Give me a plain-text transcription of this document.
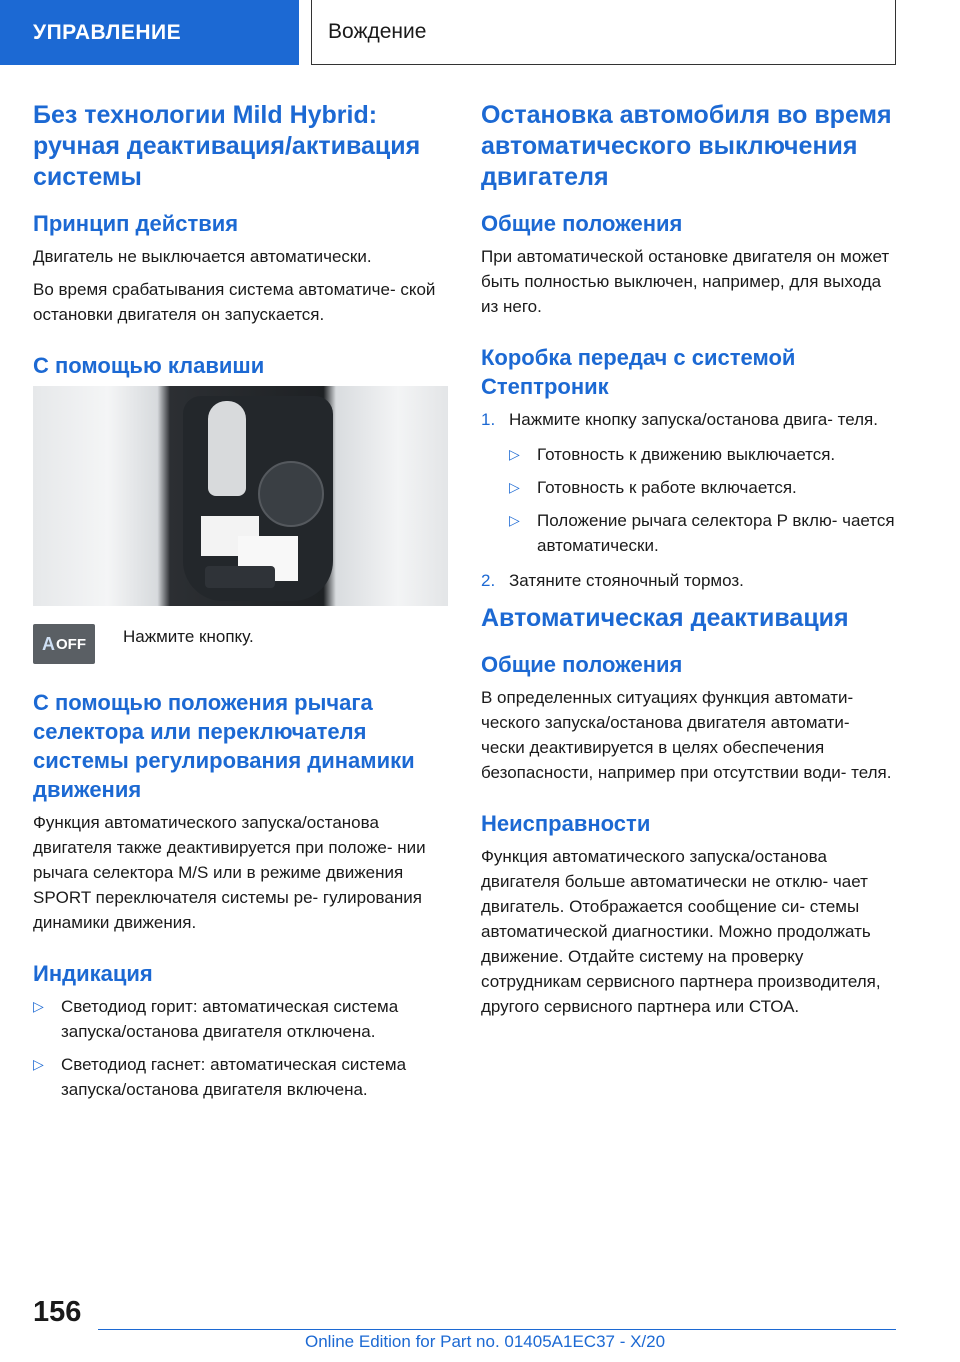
УПРАВЛЕНИЕ	Вождение
Без технологии Mild Hybrid: ручная деактивация/активация системы
Принцип действия

Двигатель не выключается автоматически.

Во время срабатывания система автоматиче- ской остановки двигателя он запускается.

С помощью клавиши
A OFF Нажмите кнопку.

С помощью положения рычага селектора или переключателя системы регулирования динамики движения

Функция автоматического запуска/останова двигателя также деактивируется при положе- нии рычага селектора M/S или в режиме движения SPORT переключателя системы ре- гулирования динамики движения.

Индикация
▷ Светодиод горит: автоматическая система запуска/останова двигателя отключена.
▷ Светодиод гаснет: автоматическая система запуска/останова двигателя включена.
Остановка автомобиля во время автоматического выключения двигателя
Общие положения

При автоматической остановке двигателя он может быть полностью выключен, например, для выхода из него.

Коробка передач с системой Стептроник
1. Нажмите кнопку запуска/останова двига- теля.
▷ Готовность к движению выключается.
▷ Готовность к работе включается.
▷ Положение рычага селектора P вклю- чается автоматически.
2. Затяните стояночный тормоз.
Автоматическая деактивация
Общие положения

В определенных ситуациях функция автомати- ческого запуска/останова двигателя автомати- чески деактивируется в целях обеспечения безопасности, например при отсутствии води- теля.

Неисправности

Функция автоматического запуска/останова двигателя больше автоматически не отклю- чает двигатель. Отображается сообщение си- стемы автоматической диагностики. Можно продолжать движение. Отдайте систему на проверку сотрудникам сервисного партнера производителя, другого сервисного партнера или СТОА.

156
Online Edition for Part no. 01405A1EC37 - X/20
